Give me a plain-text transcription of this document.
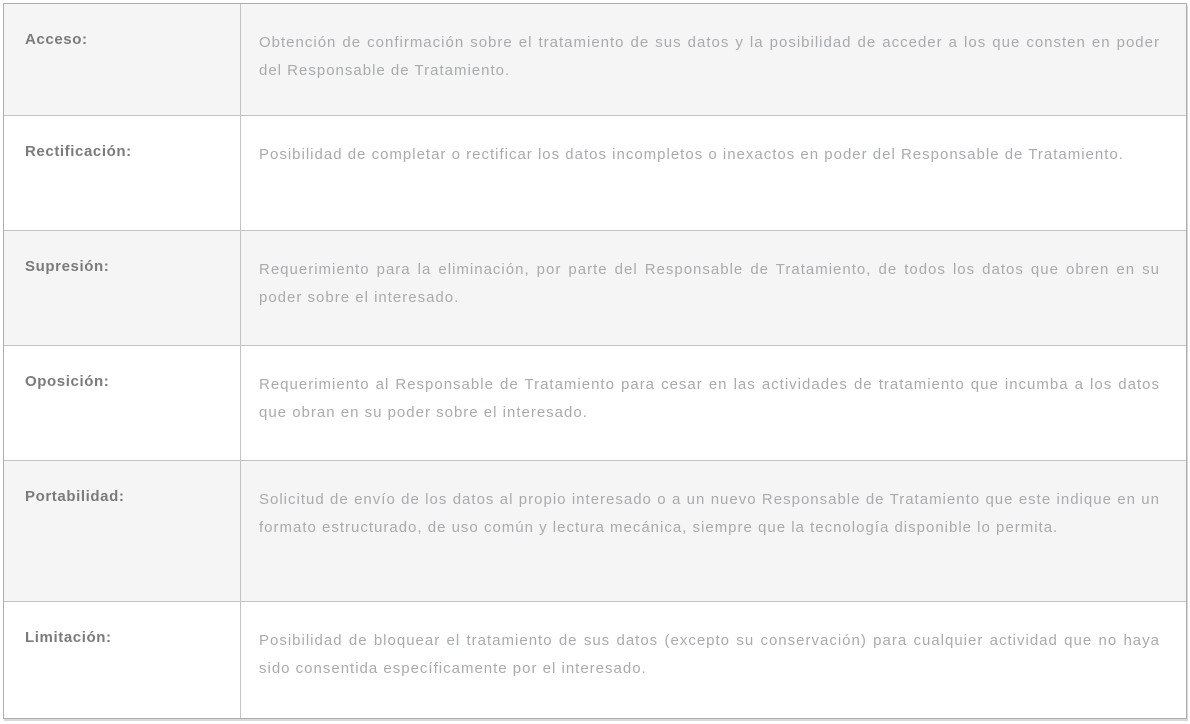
Acceso:	Obtención de confirmación sobre el tratamiento de sus datos y la posibilidad de acceder a los que consten en poder del Responsable de Tratamiento.
Rectificación:	Posibilidad de completar o rectificar los datos incompletos o inexactos en poder del Responsable de Tratamiento.
Supresión:	Requerimiento para la eliminación, por parte del Responsable de Tratamiento, de todos los datos que obren en su poder sobre el interesado.
Oposición:	Requerimiento al Responsable de Tratamiento para cesar en las actividades de tratamiento que incumba a los datos que obran en su poder sobre el interesado.
Portabilidad:	Solicitud de envío de los datos al propio interesado o a un nuevo Responsable de Tratamiento que este indique en un formato estructurado, de uso común y lectura mecánica, siempre que la tecnología disponible lo permita.
Limitación:	Posibilidad de bloquear el tratamiento de sus datos (excepto su conservación) para cualquier actividad que no haya sido consentida específicamente por el interesado.
